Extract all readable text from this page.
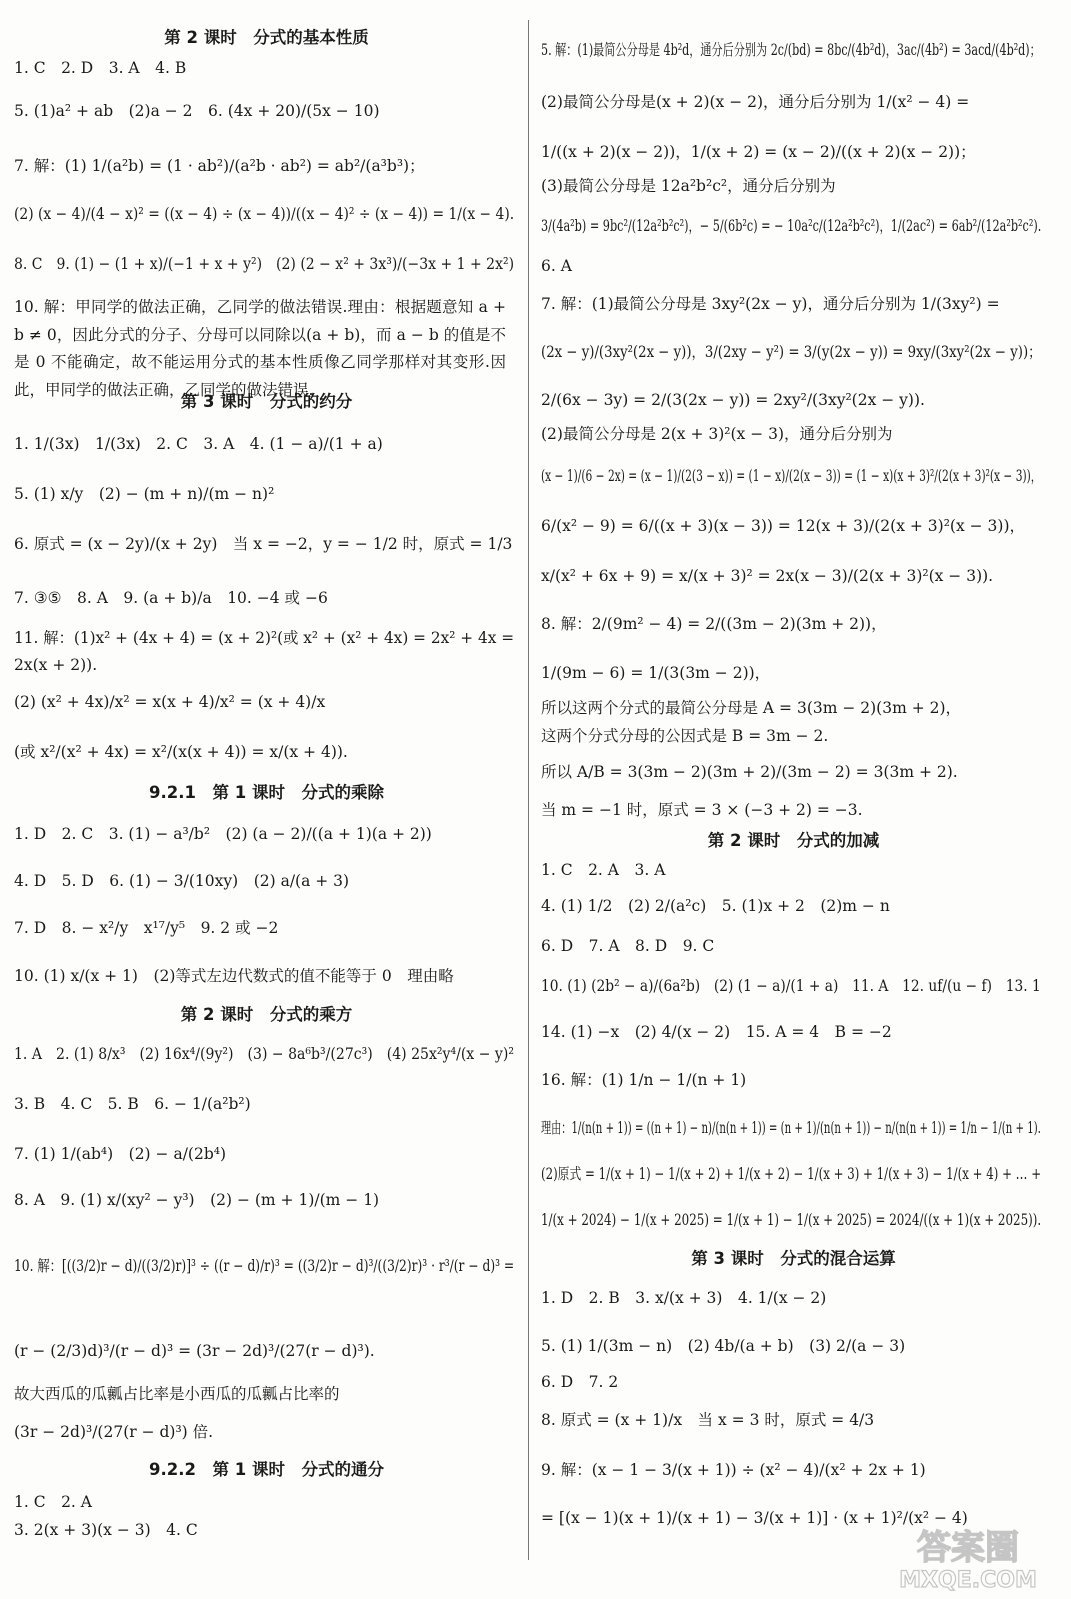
第 2 课时　分式的基本性质
1. C　2. D　3. A　4. B
5. (1)a² + ab　(2)a − 2　6. (4x + 20)/(5x − 10)
7. 解：(1) 1/(a²b) = (1 · ab²)/(a²b · ab²) = ab²/(a³b³)；
(2) (x − 4)/(4 − x)² = ((x − 4) ÷ (x − 4))/((x − 4)² ÷ (x − 4)) = 1/(x − 4).
8. C　9. (1) − (1 + x)/(−1 + x + y²)　(2) (2 − x² + 3x³)/(−3x + 1 + 2x²)
10. 解：甲同学的做法正确，乙同学的做法错误.理由：根据题意知 a + b ≠ 0，因此分式的分子、分母可以同除以(a + b)，而 a − b 的值是不是 0 不能确定，故不能运用分式的基本性质像乙同学那样对其变形.因此，甲同学的做法正确，乙同学的做法错误.
第 3 课时　分式的约分
1. 1/(3x)　1/(3x)　2. C　3. A　4. (1 − a)/(1 + a)
5. (1) x/y　(2) − (m + n)/(m − n)²
6. 原式 = (x − 2y)/(x + 2y)　当 x = −2，y = − 1/2 时，原式 = 1/3
7. ③⑤　8. A　9. (a + b)/a　10. −4 或 −6
11. 解：(1)x² + (4x + 4) = (x + 2)²(或 x² + (x² + 4x) = 2x² + 4x =
2x(x + 2)).
(2) (x² + 4x)/x² = x(x + 4)/x² = (x + 4)/x
(或 x²/(x² + 4x) = x²/(x(x + 4)) = x/(x + 4)).
9.2.1　第 1 课时　分式的乘除
1. D　2. C　3. (1) − a³/b²　(2) (a − 2)/((a + 1)(a + 2))
4. D　5. D　6. (1) − 3/(10xy)　(2) a/(a + 3)
7. D　8. − x²/y　x¹⁷/y⁵　9. 2 或 −2
10. (1) x/(x + 1)　(2)等式左边代数式的值不能等于 0　理由略
第 2 课时　分式的乘方
1. A　2. (1) 8/x³　(2) 16x⁴/(9y²)　(3) − 8a⁶b³/(27c³)　(4) 25x²y⁴/(x − y)²
3. B　4. C　5. B　6. − 1/(a²b²)
7. (1) 1/(ab⁴)　(2) − a/(2b⁴)
8. A　9. (1) x/(xy² − y³)　(2) − (m + 1)/(m − 1)
10. 解：[((3/2)r − d)/((3/2)r)]³ ÷ ((r − d)/r)³ = ((3/2)r − d)³/((3/2)r)³ · r³/(r − d)³ =
(r − (2/3)d)³/(r − d)³ = (3r − 2d)³/(27(r − d)³).
故大西瓜的瓜瓤占比率是小西瓜的瓜瓤占比率的
(3r − 2d)³/(27(r − d)³) 倍.
9.2.2　第 1 课时　分式的通分
1. C　2. A
3. 2(x + 3)(x − 3)　4. C
5. 解：(1)最简公分母是 4b²d，通分后分别为 2c/(bd) = 8bc/(4b²d)，3ac/(4b²) = 3acd/(4b²d)；
(2)最简公分母是(x + 2)(x − 2)，通分后分别为 1/(x² − 4) =
1/((x + 2)(x − 2))，1/(x + 2) = (x − 2)/((x + 2)(x − 2))；
(3)最简公分母是 12a²b²c²，通分后分别为
3/(4a²b) = 9bc²/(12a²b²c²)，− 5/(6b²c) = − 10a²c/(12a²b²c²)，1/(2ac²) = 6ab²/(12a²b²c²).
6. A
7. 解：(1)最简公分母是 3xy²(2x − y)，通分后分别为 1/(3xy²) =
(2x − y)/(3xy²(2x − y))，3/(2xy − y²) = 3/(y(2x − y)) = 9xy/(3xy²(2x − y))；
2/(6x − 3y) = 2/(3(2x − y)) = 2xy²/(3xy²(2x − y)).
(2)最简公分母是 2(x + 3)²(x − 3)，通分后分别为
(x − 1)/(6 − 2x) = (x − 1)/(2(3 − x)) = (1 − x)/(2(x − 3)) = (1 − x)(x + 3)²/(2(x + 3)²(x − 3))，
6/(x² − 9) = 6/((x + 3)(x − 3)) = 12(x + 3)/(2(x + 3)²(x − 3))，
x/(x² + 6x + 9) = x/(x + 3)² = 2x(x − 3)/(2(x + 3)²(x − 3)).
8. 解：2/(9m² − 4) = 2/((3m − 2)(3m + 2))，
1/(9m − 6) = 1/(3(3m − 2))，
所以这两个分式的最简公分母是 A = 3(3m − 2)(3m + 2)，
这两个分式分母的公因式是 B = 3m − 2.
所以 A/B = 3(3m − 2)(3m + 2)/(3m − 2) = 3(3m + 2).
当 m = −1 时，原式 = 3 × (−3 + 2) = −3.
第 2 课时　分式的加减
1. C　2. A　3. A
4. (1) 1/2　(2) 2/(a²c)　5. (1)x + 2　(2)m − n
6. D　7. A　8. D　9. C
10. (1) (2b² − a)/(6a²b)　(2) (1 − a)/(1 + a)　11. A　12. uf/(u − f)　13. 1
14. (1) −x　(2) 4/(x − 2)　15. A = 4　B = −2
16. 解：(1) 1/n − 1/(n + 1)
理由：1/(n(n + 1)) = ((n + 1) − n)/(n(n + 1)) = (n + 1)/(n(n + 1)) − n/(n(n + 1)) = 1/n − 1/(n + 1).
(2)原式 = 1/(x + 1) − 1/(x + 2) + 1/(x + 2) − 1/(x + 3) + 1/(x + 3) − 1/(x + 4) + … +
1/(x + 2024) − 1/(x + 2025) = 1/(x + 1) − 1/(x + 2025) = 2024/((x + 1)(x + 2025)).
第 3 课时　分式的混合运算
1. D　2. B　3. x/(x + 3)　4. 1/(x − 2)
5. (1) 1/(3m − n)　(2) 4b/(a + b)　(3) 2/(a − 3)
6. D　7. 2
8. 原式 = (x + 1)/x　当 x = 3 时，原式 = 4/3
9. 解：(x − 1 − 3/(x + 1)) ÷ (x² − 4)/(x² + 2x + 1)
= [(x − 1)(x + 1)/(x + 1) − 3/(x + 1)] · (x + 1)²/(x² − 4)
答案圈
MXQE.COM
